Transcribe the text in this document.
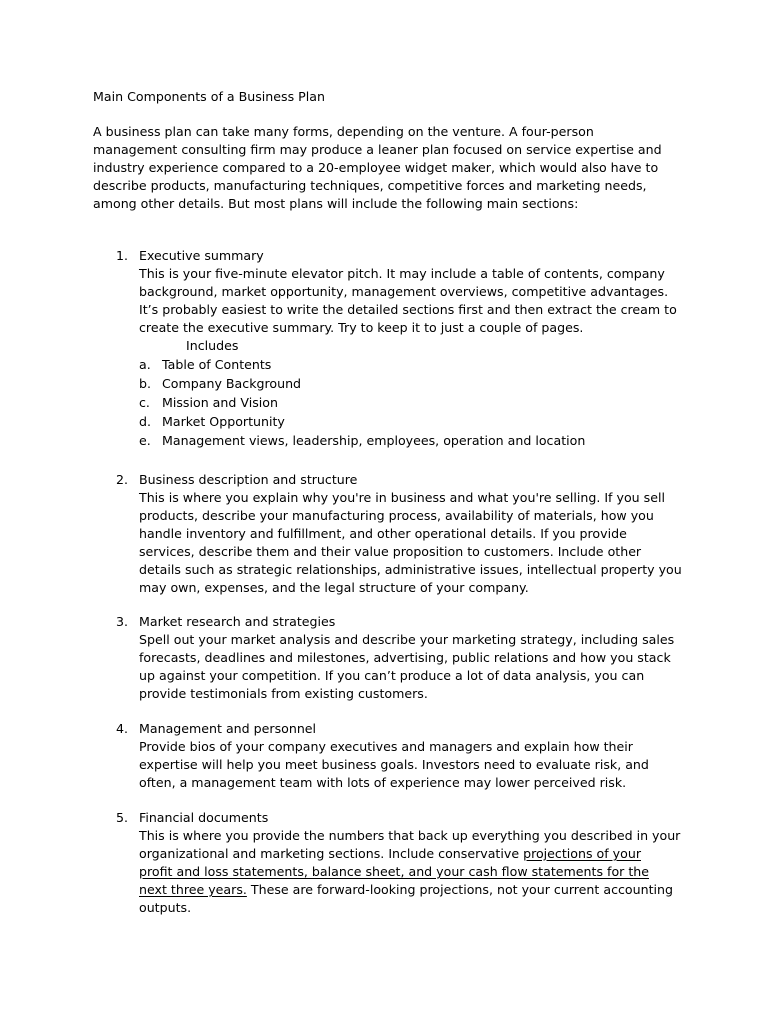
Main Components of a Business Plan
A business plan can take many forms, depending on the venture. A four-person
management consulting firm may produce a leaner plan focused on service expertise and
industry experience compared to a 20-employee widget maker, which would also have to
describe products, manufacturing techniques, competitive forces and marketing needs,
among other details. But most plans will include the following main sections:
1. Executive summary
This is your five-minute elevator pitch. It may include a table of contents, company
background, market opportunity, management overviews, competitive advantages.
It’s probably easiest to write the detailed sections first and then extract the cream to
create the executive summary. Try to keep it to just a couple of pages.
Includes
a. Table of Contents
b. Company Background
c. Mission and Vision
d. Market Opportunity
e. Management views, leadership, employees, operation and location
2. Business description and structure
This is where you explain why you're in business and what you're selling. If you sell
products, describe your manufacturing process, availability of materials, how you
handle inventory and fulfillment, and other operational details. If you provide
services, describe them and their value proposition to customers. Include other
details such as strategic relationships, administrative issues, intellectual property you
may own, expenses, and the legal structure of your company.
3. Market research and strategies
Spell out your market analysis and describe your marketing strategy, including sales
forecasts, deadlines and milestones, advertising, public relations and how you stack
up against your competition. If you can’t produce a lot of data analysis, you can
provide testimonials from existing customers.
4. Management and personnel
Provide bios of your company executives and managers and explain how their
expertise will help you meet business goals. Investors need to evaluate risk, and
often, a management team with lots of experience may lower perceived risk.
5. Financial documents
This is where you provide the numbers that back up everything you described in your
organizational and marketing sections. Include conservative projections of your
profit and loss statements, balance sheet, and your cash flow statements for the
next three years. These are forward-looking projections, not your current accounting
outputs.
